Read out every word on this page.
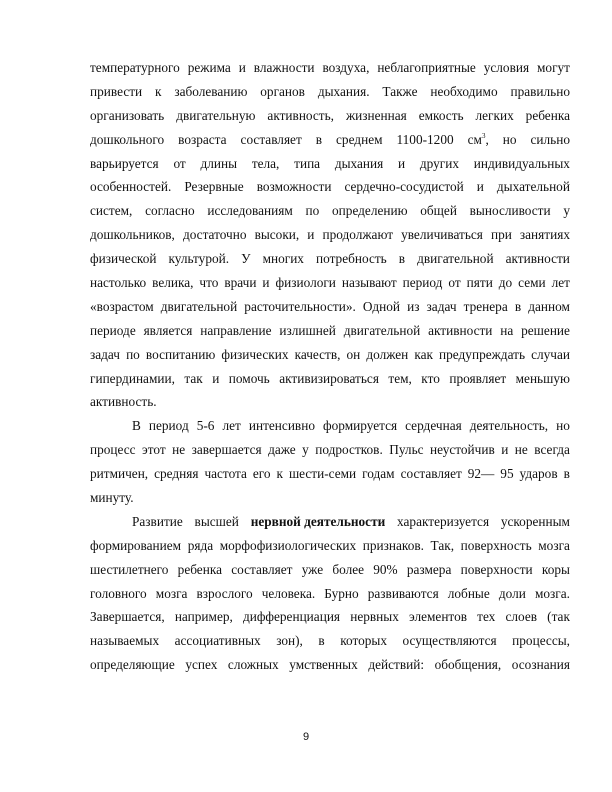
температурного режима и влажности воздуха, неблагоприятные условия могут
привести к заболеванию органов дыхания. Также необходимо правильно
организовать двигательную активность, жизненная емкость легких ребенка
дошкольного возраста составляет в среднем 1100-1200 $см^3$, но сильно
варьируется от длины тела, типа дыхания и других индивидуальных
особенностей. Резервные возможности сердечно-сосудистой и дыхательной
систем, согласно исследованиям по определению общей выносливости у
дошкольников, достаточно высоки, и продолжают увеличиваться при занятиях
физической культурой. У многих потребность в двигательной активности
настолько велика, что врачи и физиологи называют период от пяти до семи лет
«возрастом двигательной расточительности». Одной из задач тренера в данном
периоде является направление излишней двигательной активности на решение
задач по воспитанию физических качеств, он должен как предупреждать случаи
гипердинамии, так и помочь активизироваться тем, кто проявляет меньшую
активность.
В период 5-6 лет интенсивно формируется сердечная деятельность, но
процесс этот не завершается даже у подростков. Пульс неустойчив и не всегда
ритмичен, средняя частота его к шести-семи годам составляет 92— 95 ударов в
минуту.
Развитие высшей нервной деятельности характеризуется ускоренным
формированием ряда морфофизиологических признаков. Так, поверхность мозга
шестилетнего ребенка составляет уже более 90% размера поверхности коры
головного мозга взрослого человека. Бурно развиваются лобные доли мозга.
Завершается, например, дифференциация нервных элементов тех слоев (так
называемых ассоциативных зон), в которых осуществляются процессы,
определяющие успех сложных умственных действий: обобщения, осознания
9
